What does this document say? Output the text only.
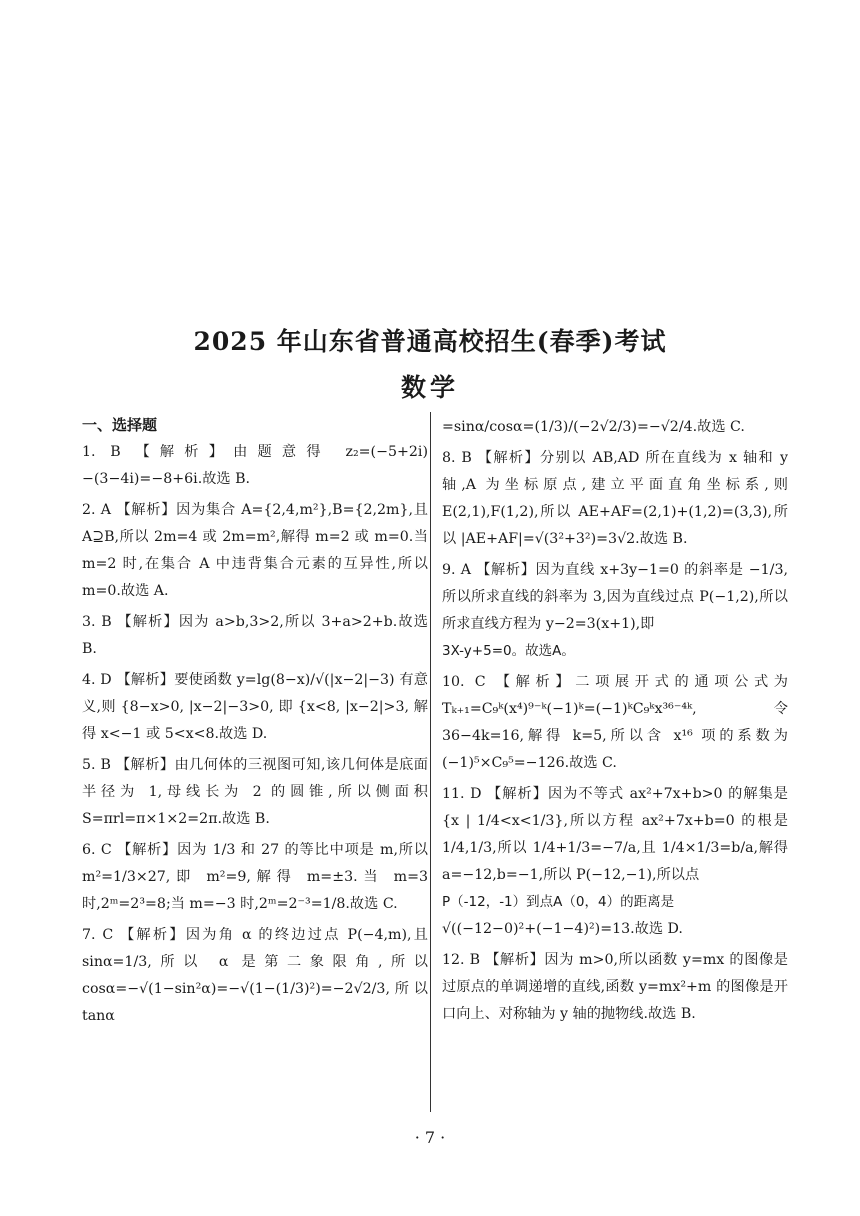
2025 年山东省普通高校招生(春季)考试
数学
一、选择题

1. B 【解析】由题意得 z₂=(−5+2i)−(3−4i)=−8+6i.故选 B.

2. A 【解析】因为集合 A={2,4,m²},B={2,2m},且 A⊇B,所以 2m=4 或 2m=m²,解得 m=2 或 m=0.当 m=2 时,在集合 A 中违背集合元素的互异性,所以 m=0.故选 A.

3. B 【解析】因为 a>b,3>2,所以 3+a>2+b.故选 B.

4. D 【解析】要使函数 y=lg(8−x)/√(|x−2|−3) 有意义,则 {8−x>0, |x−2|−3>0, 即 {x<8, |x−2|>3, 解得 x<−1 或 5<x<8.故选 D.

5. B 【解析】由几何体的三视图可知,该几何体是底面半径为 1,母线长为 2 的圆锥,所以侧面积 S=πrl=π×1×2=2π.故选 B.

6. C 【解析】因为 1/3 和 27 的等比中项是 m,所以 m²=1/3×27,即 m²=9,解得 m=±3.当 m=3 时,2ᵐ=2³=8;当 m=−3 时,2ᵐ=2⁻³=1/8.故选 C.

7. C 【解析】因为角 α 的终边过点 P(−4,m),且 sinα=1/3,所以 α 是第二象限角,所以 cosα=−√(1−sin²α)=−√(1−(1/3)²)=−2√2/3,所以tanα

=sinα/cosα=(1/3)/(−2√2/3)=−√2/4.故选 C.

8. B 【解析】分别以 AB,AD 所在直线为 x 轴和 y 轴,A 为坐标原点,建立平面直角坐标系,则 E(2,1),F(1,2),所以 AE+AF=(2,1)+(1,2)=(3,3),所以 |AE+AF|=√(3²+3²)=3√2.故选 B.

9. A 【解析】因为直线 x+3y−1=0 的斜率是 −1/3,所以所求直线的斜率为 3,因为直线过点 P(−1,2),所以所求直线方程为 y−2=3(x+1),即

3X-y+5=0。故选A。

10. C 【解析】二项展开式的通项公式为 Tₖ₊₁=C₉ᵏ(x⁴)⁹⁻ᵏ(−1)ᵏ=(−1)ᵏC₉ᵏx³⁶⁻⁴ᵏ,令 36−4k=16,解得 k=5,所以含 x¹⁶ 项的系数为 (−1)⁵×C₉⁵=−126.故选 C.

11. D 【解析】因为不等式 ax²+7x+b>0 的解集是 {x | 1/4<x<1/3},所以方程 ax²+7x+b=0 的根是 1/4,1/3,所以 1/4+1/3=−7/a,且 1/4×1/3=b/a,解得 a=−12,b=−1,所以 P(−12,−1),所以点

P（-12，-1）到点A（0，4）的距离是

√((−12−0)²+(−1−4)²)=13.故选 D.

12. B 【解析】因为 m>0,所以函数 y=mx 的图像是过原点的单调递增的直线,函数 y=mx²+m 的图像是开口向上、对称轴为 y 轴的抛物线.故选 B.

· 7 ·
